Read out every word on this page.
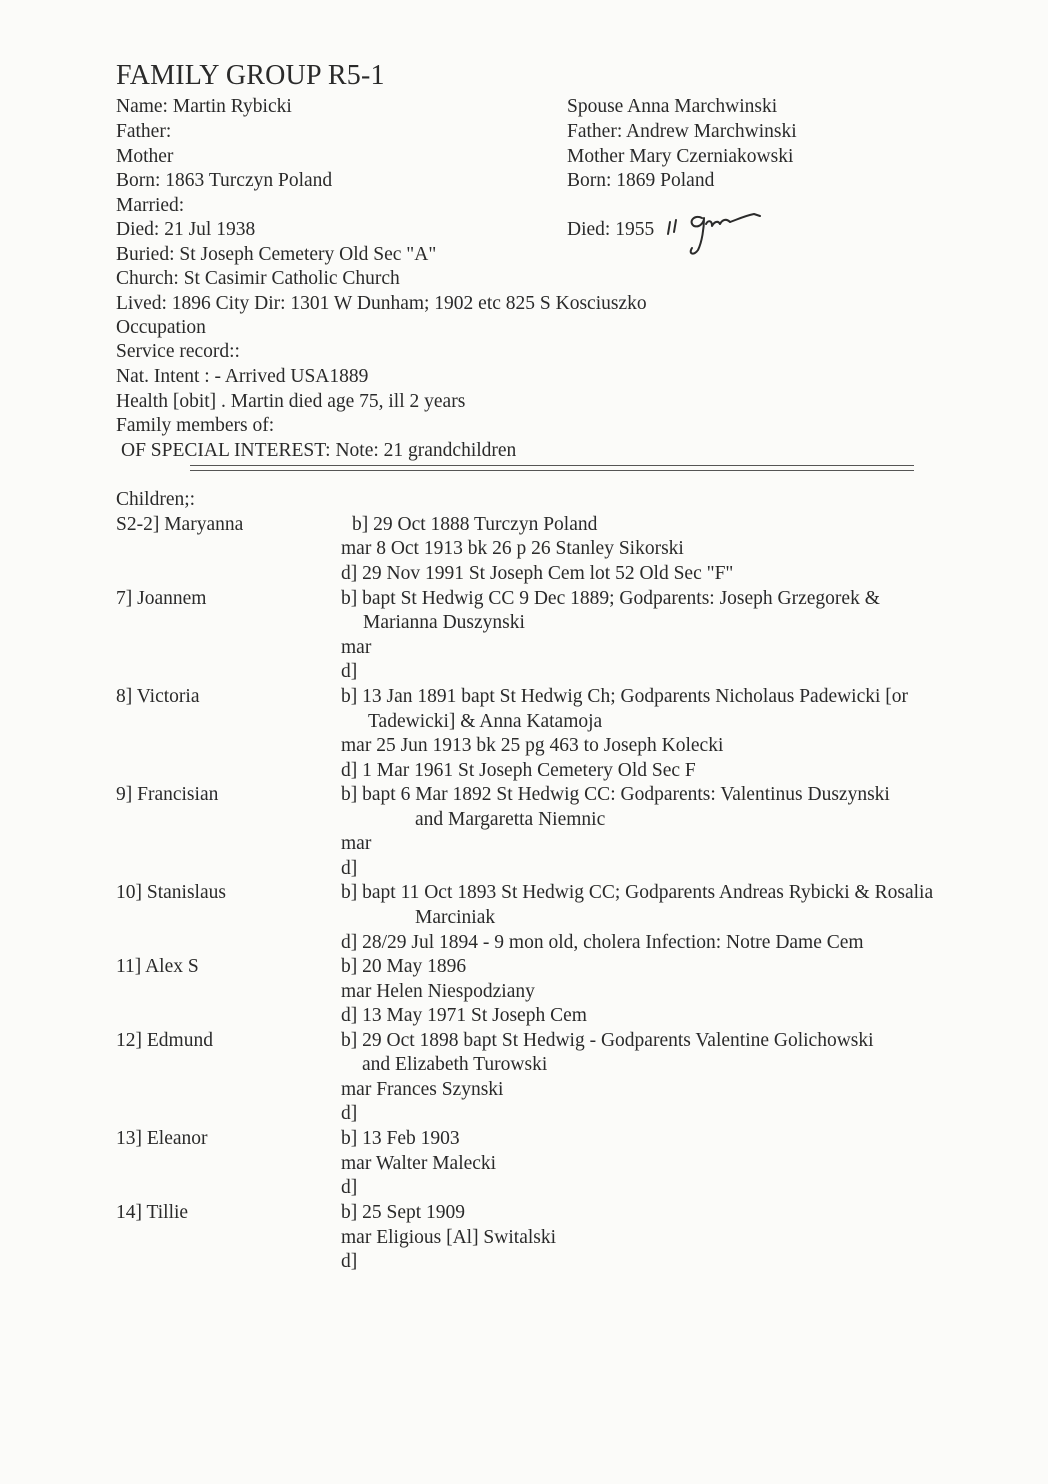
FAMILY GROUP R5-1
Name: Martin Rybicki
Father:
Mother
Born: 1863 Turczyn Poland
Married:
Died: 21 Jul 1938
Buried: St Joseph Cemetery Old Sec "A"
Church: St Casimir Catholic Church
Lived: 1896 City Dir: 1301 W Dunham; 1902 etc 825 S Kosciuszko
Occupation
Service record::
Nat. Intent : - Arrived USA1889
Health [obit] . Martin died age 75, ill 2 years
Family members of:
OF SPECIAL INTEREST: Note: 21 grandchildren
Spouse Anna Marchwinski
Father: Andrew Marchwinski
Mother Mary Czerniakowski
Born: 1869 Poland
Died: 1955
Children;:
S2-2] Maryanna	b] 29 Oct 1888 Turczyn Poland
mar 8 Oct 1913 bk 26 p 26 Stanley Sikorski
d] 29 Nov 1991 St Joseph Cem lot 52 Old Sec "F"
7] Joannem	b] bapt St Hedwig CC 9 Dec 1889; Godparents: Joseph Grzegorek &
Marianna Duszynski
mar
d]
8] Victoria	b] 13 Jan 1891 bapt St Hedwig Ch; Godparents Nicholaus Padewicki [or
Tadewicki] & Anna Katamoja
mar 25 Jun 1913 bk 25 pg 463 to Joseph Kolecki
d] 1 Mar 1961 St Joseph Cemetery Old Sec F
9] Francisian	b] bapt 6 Mar 1892 St Hedwig CC: Godparents: Valentinus Duszynski
and Margaretta Niemnic
mar
d]
10] Stanislaus	b] bapt 11 Oct 1893 St Hedwig CC; Godparents Andreas Rybicki & Rosalia
Marciniak
d] 28/29 Jul 1894 - 9 mon old, cholera Infection: Notre Dame Cem
11] Alex S	b] 20 May 1896
mar Helen Niespodziany
d] 13 May 1971 St Joseph Cem
12] Edmund	b] 29 Oct 1898 bapt St Hedwig - Godparents Valentine Golichowski
and Elizabeth Turowski
mar Frances Szynski
d]
13] Eleanor	b] 13 Feb 1903
mar Walter Malecki
d]
14] Tillie	b] 25 Sept 1909
mar Eligious [Al] Switalski
d]
